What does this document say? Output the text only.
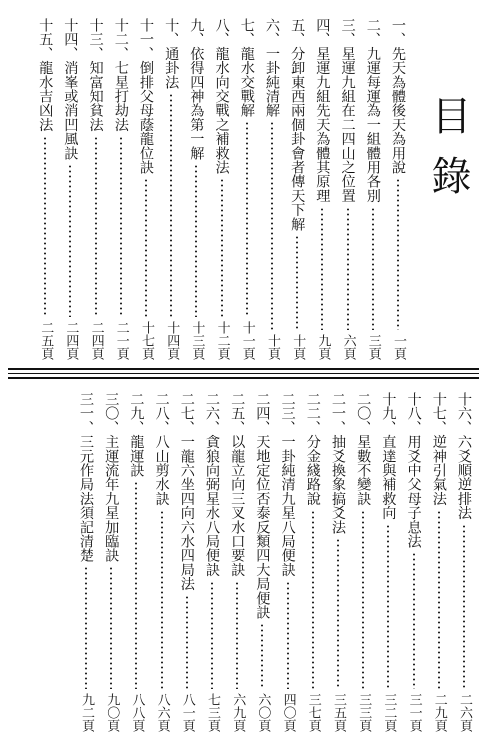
目錄
一、先天為體後天為用說
一頁
二、九運每運為一組體用各別
三頁
三、星運九組在二四山之位置
六頁
四、星運九組先天為體其原理
九頁
五、分卸東西兩個卦會者傳天下解
十頁
六、一卦純清解
十頁
七、龍水交戰解
十一頁
八、龍水向交戰之補救法
十二頁
九、依得四神為第一解
十三頁
十、通卦法
十四頁
十一、倒排父母蔭龍位訣
十七頁
十二、七星打劫法
二一頁
十三、知富知貧法
二四頁
十四、消峯或消凹風訣
二四頁
十五、龍水吉凶法
二五頁
十六、六爻順逆排法
二六頁
十七、逆神引氣法
二九頁
十八、用爻中父母子息法
三一頁
十九、直達與補救向
三二頁
二〇、星數不變訣
三三頁
二一、抽爻換象搞爻法
三五頁
二二、分金綫路說
三七頁
二三、一卦純清九星八局便訣
四〇頁
二四、天地定位否泰反類四大局便訣
六〇頁
二五、以龍立向三叉水口要訣
六九頁
二六、貪狼向弼星水八局便訣
七三頁
二七、一龍六坐四向六水四局法
八一頁
二八、八山剪水訣
八六頁
二九、龍運訣
八八頁
三〇、主運流年九星加臨訣
九〇頁
三一、三元作局法須記清楚
九二頁
